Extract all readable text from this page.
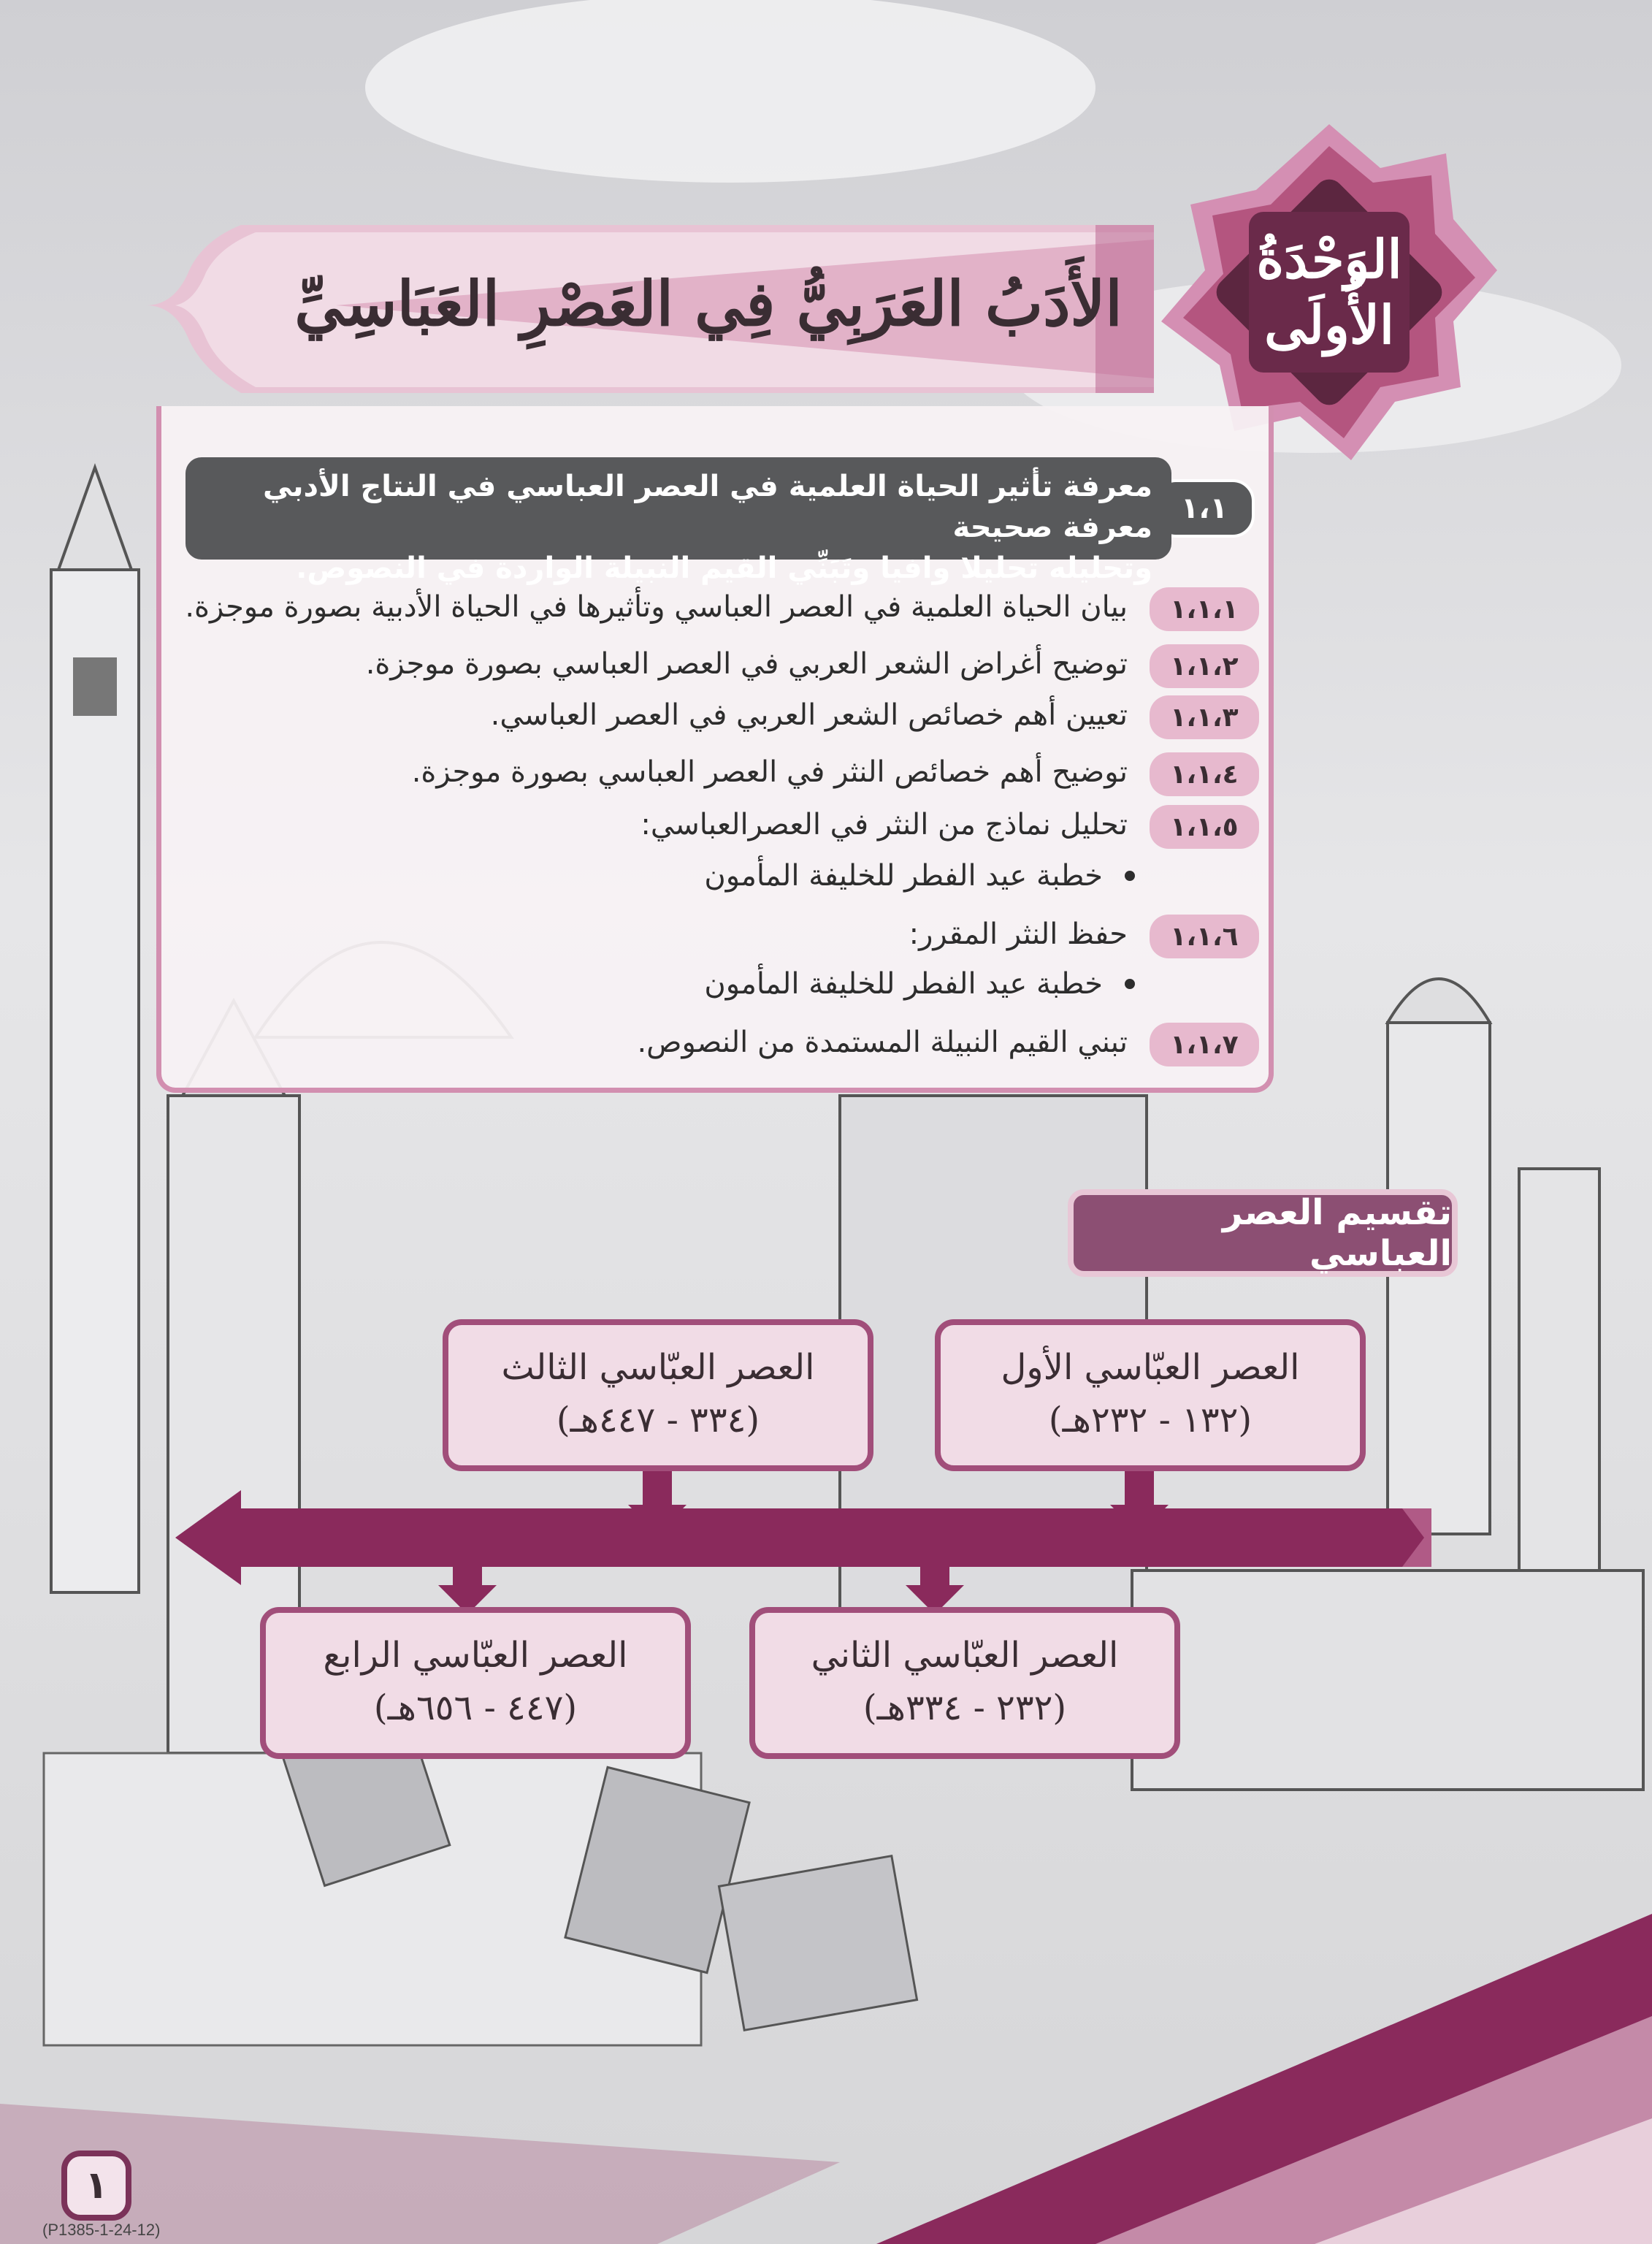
الأَدَبُ العَرَبِيُّ فِي العَصْرِ العَبَاسِيِّ
الوَحْدَةُ
الأُولَى
١،١
معرفة تأثير الحياة العلمية في العصر العباسي في النتاج الأدبي معرفة صحيحة
وتحليله تحليلا وافيا وتَبَنِّي القيم النبيلة الواردة في النصوص.
١،١،١
بيان الحياة العلمية في العصر العباسي وتأثيرها في الحياة الأدبية بصورة موجزة.
١،١،٢
توضيح أغراض الشعر العربي في العصر العباسي بصورة موجزة.
١،١،٣
تعيين أهم خصائص الشعر العربي في العصر العباسي.
١،١،٤
توضيح أهم خصائص النثر في العصر العباسي بصورة موجزة.
١،١،٥
تحليل نماذج من النثر في العصرالعباسي:
خطبة عيد الفطر للخليفة المأمون
١،١،٦
حفظ النثر المقرر:
خطبة عيد الفطر للخليفة المأمون
١،١،٧
تبني القيم النبيلة المستمدة من النصوص.
تقسيم العصر العباسي
العصر العبّاسي الأول
(١٣٢ - ٢٣٢هـ)
العصر العبّاسي الثالث
(٣٣٤ - ٤٤٧هـ)
العصر العبّاسي الثاني
(٢٣٢ - ٣٣٤هـ)
العصر العبّاسي الرابع
(٤٤٧ - ٦٥٦هـ)
١
(P1385-1-24-12)
